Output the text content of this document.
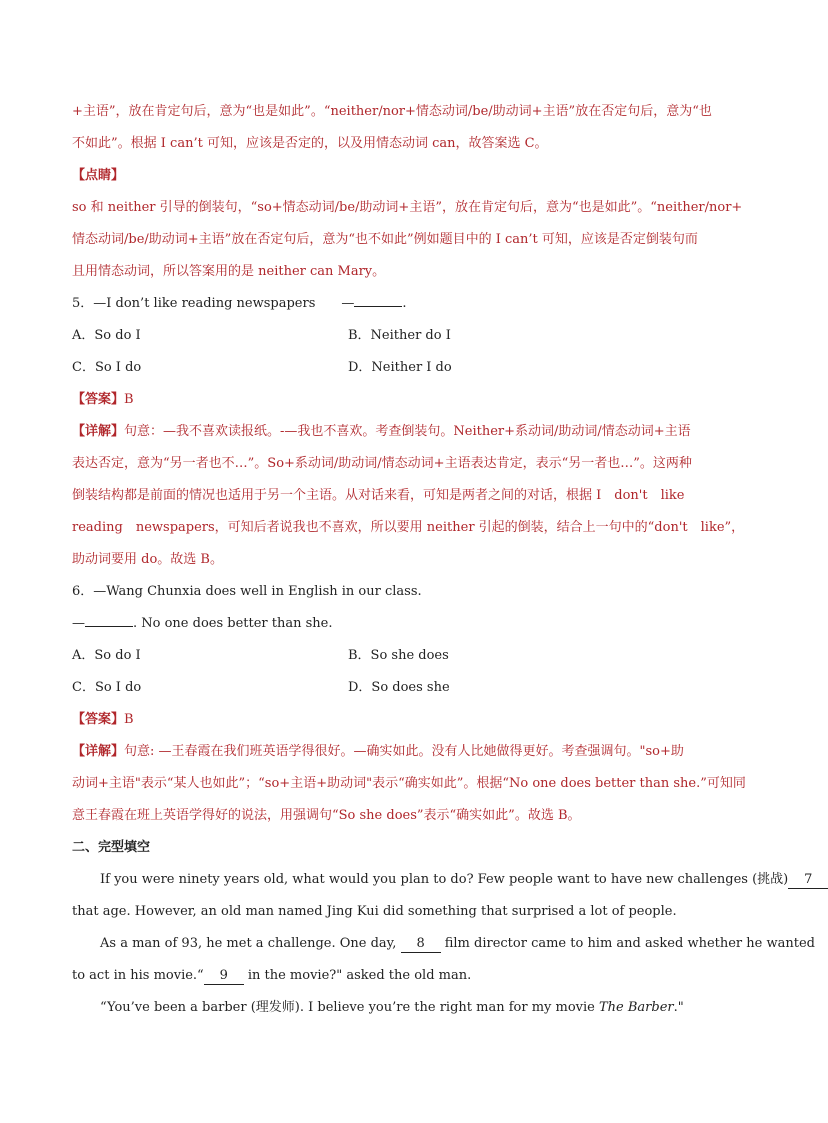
+主语”，放在肯定句后，意为“也是如此”。“neither/nor+情态动词/be/助动词+主语”放在否定句后，意为“也
不如此”。根据 I can’t 可知，应该是否定的，以及用情态动词 can，故答案选 C。
【点睛】
so 和 neither 引导的倒装句，“so+情态动词/be/助动词+主语”，放在肯定句后，意为“也是如此”。“neither/nor+
情态动词/be/助动词+主语”放在否定句后，意为“也不如此”例如题目中的 I can’t 可知，应该是否定倒装句而
且用情态动词，所以答案用的是 neither can Mary。
5．—I don’t like reading newspapers　　—	.
A．So do I	B．Neither do I
C．So I do	D．Neither I do
【答案】B
【详解】句意：—我不喜欢读报纸。-—我也不喜欢。考查倒装句。Neither+系动词/助动词/情态动词+主语
表达否定，意为“另一者也不…”。So+系动词/助动词/情态动词+主语表达肯定，表示“另一者也…”。这两种
倒装结构都是前面的情况也适用于另一个主语。从对话来看，可知是两者之间的对话，根据 I　don't　like
reading　newspapers，可知后者说我也不喜欢，所以要用 neither 引起的倒装，结合上一句中的“don't　like”，
助动词要用 do。故选 B。
6．—Wang Chunxia does well in English in our class.
—	. No one does better than she.
A．So do I	B．So she does
C．So I do	D．So does she
【答案】B
【详解】句意: —王春霞在我们班英语学得很好。—确实如此。没有人比她做得更好。考查强调句。"so+助
动词+主语"表示“某人也如此”；“so+主语+助动词"表示“确实如此”。根据“No one does better than she.”可知同
意王春霞在班上英语学得好的说法，用强调句“So she does”表示“确实如此”。故选 B。
二、完型填空
If you were ninety years old, what would you plan to do? Few people want to have new challenges (挑战) 7
that age. However, an old man named Jing Kui did something that surprised a lot of people.
As a man of 93, he met a challenge. One day, 8 film director came to him and asked whether he wanted
to act in his movie.“ 9 in the movie?" asked the old man.
“You’ve been a barber (理发师). I believe you’re the right man for my movie The Barber."
